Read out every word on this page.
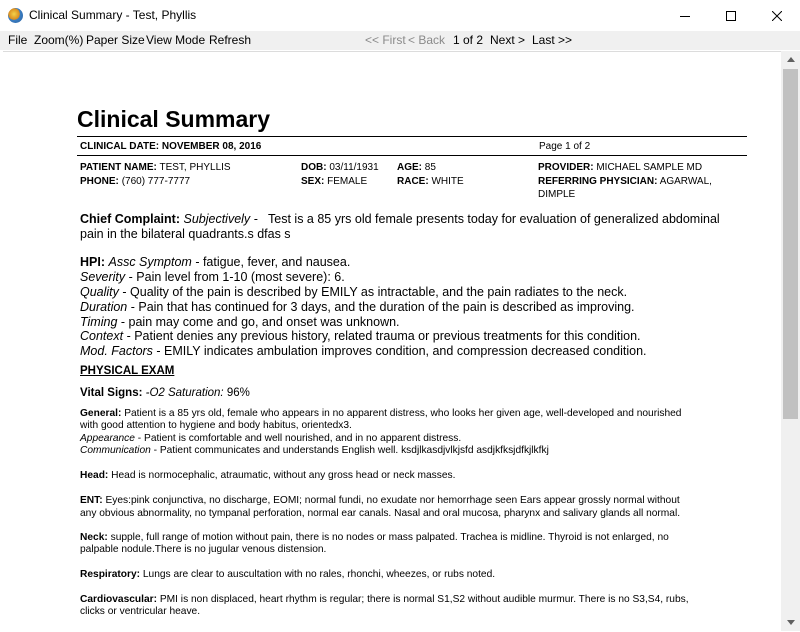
Clinical Summary - Test, Phyllis
File Zoom(%) Paper Size View Mode Refresh	<< First < Back 1 of 2 Next > Last >>
Clinical Summary
CLINICAL DATE: NOVEMBER 08, 2016	Page 1 of 2
PATIENT NAME: TEST, PHYLLIS
PHONE: (760) 777-7777
DOB: 03/11/1931
SEX: FEMALE
AGE: 85
RACE: WHITE
PROVIDER: MICHAEL SAMPLE MD
REFERRING PHYSICIAN: AGARWAL,
DIMPLE
Chief Complaint: Subjectively - Test is a 85 yrs old female presents today for evaluation of generalized abdominal
pain in the bilateral quadrants.s dfas s
HPI: Assc Symptom - fatigue, fever, and nausea.
Severity - Pain level from 1-10 (most severe): 6.
Quality - Quality of the pain is described by EMILY as intractable, and the pain radiates to the neck.
Duration - Pain that has continued for 3 days, and the duration of the pain is described as improving.
Timing - pain may come and go, and onset was unknown.
Context - Patient denies any previous history, related trauma or previous treatments for this condition.
Mod. Factors - EMILY indicates ambulation improves condition, and compression decreased condition.
PHYSICAL EXAM
Vital Signs: -O2 Saturation: 96%
General: Patient is a 85 yrs old, female who appears in no apparent distress, who looks her given age, well-developed and nourished
with good attention to hygiene and body habitus, orientedx3.
Appearance - Patient is comfortable and well nourished, and in no apparent distress.
Communication - Patient communicates and understands English well. ksdjlkasdjvlkjsfd asdjkfksjdfkjlkfkj
Head: Head is normocephalic, atraumatic, without any gross head or neck masses.
ENT: Eyes:pink conjunctiva, no discharge, EOMI; normal fundi, no exudate nor hemorrhage seen Ears appear grossly normal without
any obvious abnormality, no tympanal perforation, normal ear canals. Nasal and oral mucosa, pharynx and salivary glands all normal.
Neck: supple, full range of motion without pain, there is no nodes or mass palpated. Trachea is midline. Thyroid is not enlarged, no
palpable nodule.There is no jugular venous distension.
Respiratory: Lungs are clear to auscultation with no rales, rhonchi, wheezes, or rubs noted.
Cardiovascular: PMI is non displaced, heart rhythm is regular; there is normal S1,S2 without audible murmur. There is no S3,S4, rubs,
clicks or ventricular heave.
